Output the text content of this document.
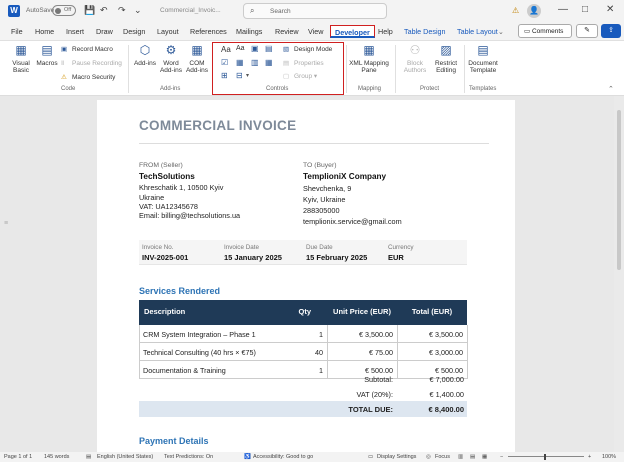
W	AutoSave	Off	💾 ↶ ↷ ⌄	Commercial_Invoic...	⌕ Search	⚠ 👤 — □ ✕
File Home Insert Draw Design Layout References Mailings Review View	Developer	Help Table Design Table Layout ⌄	▭ Comments	✎	⇪
▦
Visual Basic
▤
Macros
▣ Record Macro
Ⅱ Pause Recording
⚠ Macro Security
Code
⬡
Add-ins
⚙
Word Add-ins
▦
COM Add-ins
Add-ins
Aa Aa ▣ ▤
☑ ▦ ▥ ▦
⊞ ⊟ ▾
▧ Design Mode
▤ Properties
▢ Group ▾
Controls
▦
XML Mapping Pane
Mapping
⚇
Block Authors
▨
Restrict Editing
Protect
▤
Document Template
Templates	⌃
≡
COMMERCIAL INVOICE
FROM (Seller)
TechSolutions
Khreschatik 1, 10500 Kyiv
Ukraine
VAT: UA12345678
Email: billing@techsolutions.ua
TO (Buyer)
TemplioniX Company
Shevchenka, 9
Kyiv, Ukraine
288305000
templionix.service@gmail.com
Invoice No.
INV-2025-001
Invoice Date
15 January 2025
Due Date
15 February 2025
Currency
EUR
Services Rendered
Description	Qty	Unit Price (EUR)	Total (EUR)
CRM System Integration – Phase 1	1	€ 3,500.00	€ 3,500.00
Technical Consulting (40 hrs × €75)	40	€ 75.00	€ 3,000.00
Documentation & Training	1	€ 500.00	€ 500.00
Subtotal:	€ 7,000.00
VAT (20%):	€ 1,400.00
TOTAL DUE:	€ 8,400.00
Payment Details
Page 1 of 1 145 words	▤ English (United States) Text Predictions: On	♿ Accessibility: Good to go	▭ Display Settings ◎ Focus ▥ ▤ ▦ −	+ 100%
